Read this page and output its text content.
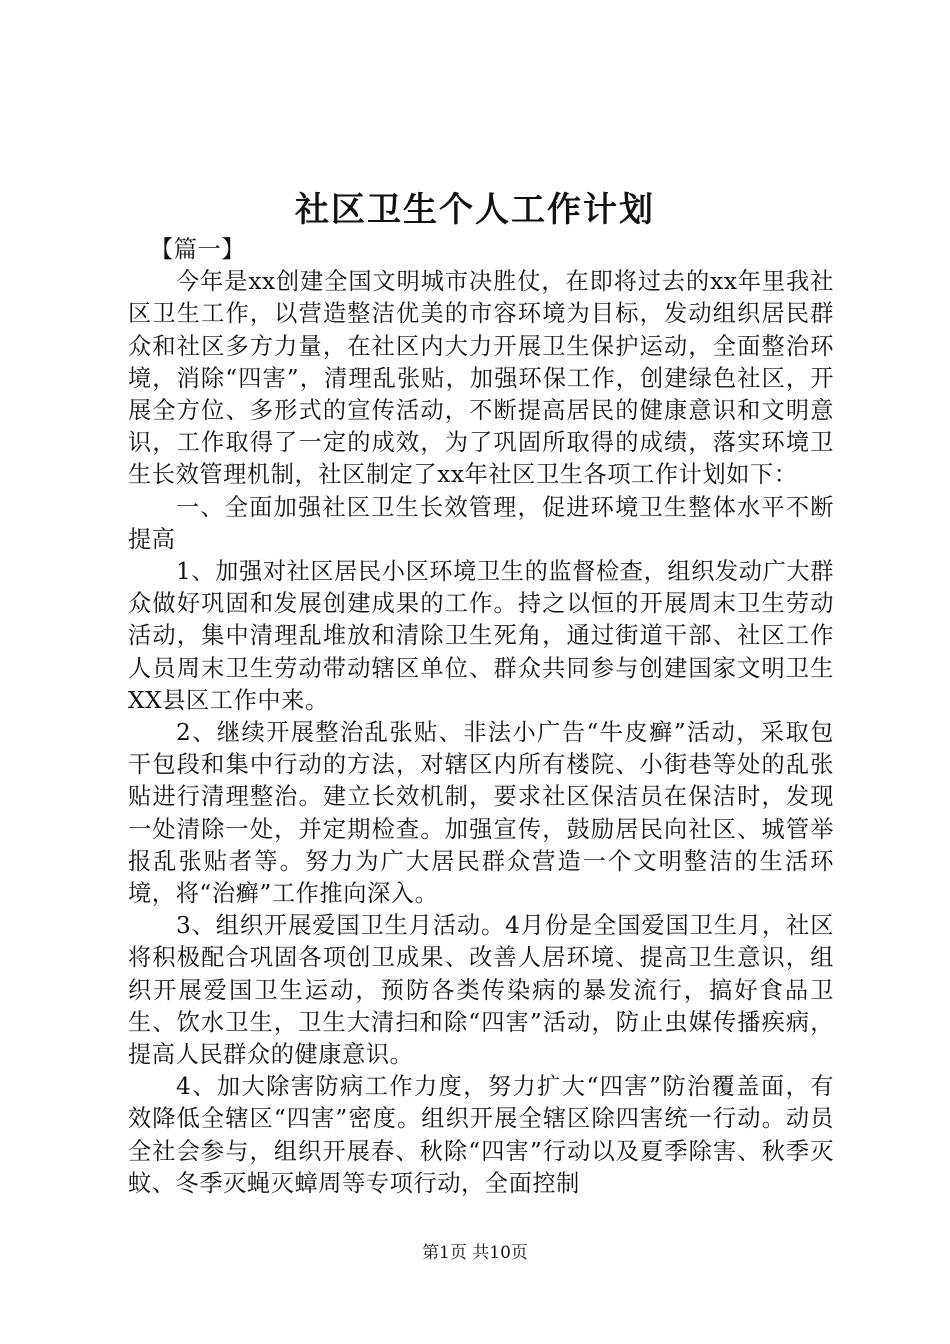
社区卫生个人工作计划

【篇一】

今年是xx创建全国文明城市决胜仗，在即将过去的xx年里我社区卫生工作，以营造整洁优美的市容环境为目标，发动组织居民群众和社区多方力量，在社区内大力开展卫生保护运动，全面整治环境，消除“四害”，清理乱张贴，加强环保工作，创建绿色社区，开展全方位、多形式的宣传活动，不断提高居民的健康意识和文明意识，工作取得了一定的成效，为了巩固所取得的成绩，落实环境卫生长效管理机制，社区制定了xx年社区卫生各项工作计划如下：

一、全面加强社区卫生长效管理，促进环境卫生整体水平不断提高

1、加强对社区居民小区环境卫生的监督检查，组织发动广大群众做好巩固和发展创建成果的工作。持之以恒的开展周末卫生劳动活动，集中清理乱堆放和清除卫生死角，通过街道干部、社区工作人员周末卫生劳动带动辖区单位、群众共同参与创建国家文明卫生XX县区工作中来。

2、继续开展整治乱张贴、非法小广告“牛皮癣”活动，采取包干包段和集中行动的方法，对辖区内所有楼院、小街巷等处的乱张贴进行清理整治。建立长效机制，要求社区保洁员在保洁时，发现一处清除一处，并定期检查。加强宣传，鼓励居民向社区、城管举报乱张贴者等。努力为广大居民群众营造一个文明整洁的生活环境，将“治癣”工作推向深入。

3、组织开展爱国卫生月活动。4月份是全国爱国卫生月，社区将积极配合巩固各项创卫成果、改善人居环境、提高卫生意识，组织开展爱国卫生运动，预防各类传染病的暴发流行，搞好食品卫生、饮水卫生，卫生大清扫和除“四害”活动，防止虫媒传播疾病，提高人民群众的健康意识。

4、加大除害防病工作力度，努力扩大“四害”防治覆盖面，有效降低全辖区“四害”密度。组织开展全辖区除四害统一行动。动员全社会参与，组织开展春、秋除“四害”行动以及夏季除害、秋季灭蚊、冬季灭蝇灭蟑周等专项行动，全面控制

第1页 共10页
